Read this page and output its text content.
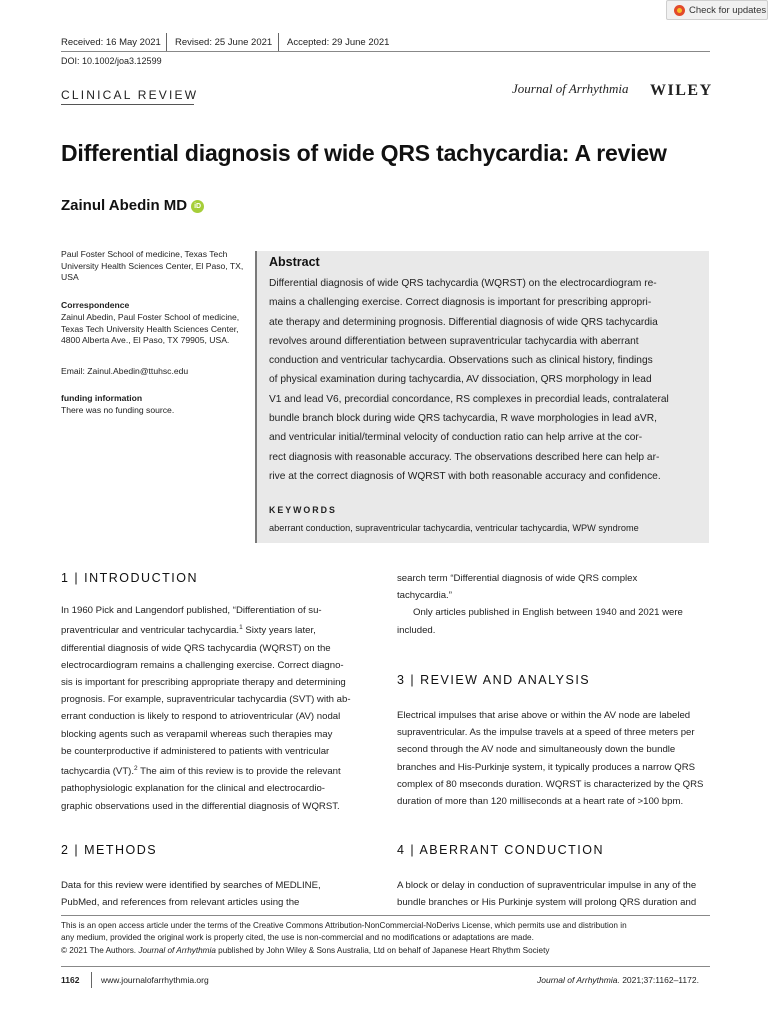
Check for updates
Received: 16 May 2021 Revised: 25 June 2021 Accepted: 29 June 2021
DOI: 10.1002/joa3.12599
CLINICAL REVIEW	Journal of Arrhythmia WILEY
Differential diagnosis of wide QRS tachycardia: A review
Zainul Abedin MD iD
Paul Foster School of medicine, Texas Tech University Health Sciences Center, El Paso, TX, USA
Correspondence
Zainul Abedin, Paul Foster School of medicine, Texas Tech University Health Sciences Center, 4800 Alberta Ave., El Paso, TX 79905, USA.
Email: Zainul.Abedin@ttuhsc.edu
funding information
There was no funding source.
Abstract
Differential diagnosis of wide QRS tachycardia (WQRST) on the electrocardiogram re-
mains a challenging exercise. Correct diagnosis is important for prescribing appropri-
ate therapy and determining prognosis. Differential diagnosis of wide QRS tachycardia
revolves around differentiation between supraventricular tachycardia with aberrant
conduction and ventricular tachycardia. Observations such as clinical history, findings
of physical examination during tachycardia, AV dissociation, QRS morphology in lead
V1 and lead V6, precordial concordance, RS complexes in precordial leads, contralateral
bundle branch block during wide QRS tachycardia, R wave morphologies in lead aVR,
and ventricular initial/terminal velocity of conduction ratio can help arrive at the cor-
rect diagnosis with reasonable accuracy. The observations described here can help ar-
rive at the correct diagnosis of WQRST with both reasonable accuracy and confidence.
KEYWORDS
aberrant conduction, supraventricular tachycardia, ventricular tachycardia, WPW syndrome
1 | INTRODUCTION
In 1960 Pick and Langendorf published, “Differentiation of su-
praventricular and ventricular tachycardia.$^1$ Sixty years later,
differential diagnosis of wide QRS tachycardia (WQRST) on the
electrocardiogram remains a challenging exercise. Correct diagno-
sis is important for prescribing appropriate therapy and determining
prognosis. For example, supraventricular tachycardia (SVT) with ab-
errant conduction is likely to respond to atrioventricular (AV) nodal
blocking agents such as verapamil whereas such therapies may
be counterproductive if administered to patients with ventricular
tachycardia (VT).$^2$ The aim of this review is to provide the relevant
pathophysiologic explanation for the clinical and electrocardio-
graphic observations used in the differential diagnosis of WQRST.
2 | METHODS
Data for this review were identified by searches of MEDLINE,
PubMed, and references from relevant articles using the
search term “Differential diagnosis of wide QRS complex
tachycardia.”
Only articles published in English between 1940 and 2021 were
included.
3 | REVIEW AND ANALYSIS
Electrical impulses that arise above or within the AV node are labeled
supraventricular. As the impulse travels at a speed of three meters per
second through the AV node and simultaneously down the bundle
branches and His-Purkinje system, it typically produces a narrow QRS
complex of 80 mseconds duration. WQRST is characterized by the QRS
duration of more than 120 milliseconds at a heart rate of >100 bpm.
4 | ABERRANT CONDUCTION
A block or delay in conduction of supraventricular impulse in any of the
bundle branches or His Purkinje system will prolong QRS duration and
This is an open access article under the terms of the Creative Commons Attribution-NonCommercial-NoDerivs License, which permits use and distribution in
any medium, provided the original work is properly cited, the use is non-commercial and no modifications or adaptations are made.
© 2021 The Authors. Journal of Arrhythmia published by John Wiley & Sons Australia, Ltd on behalf of Japanese Heart Rhythm Society
1162	www.journalofarrhythmia.org	Journal of Arrhythmia. 2021;37:1162–1172.
